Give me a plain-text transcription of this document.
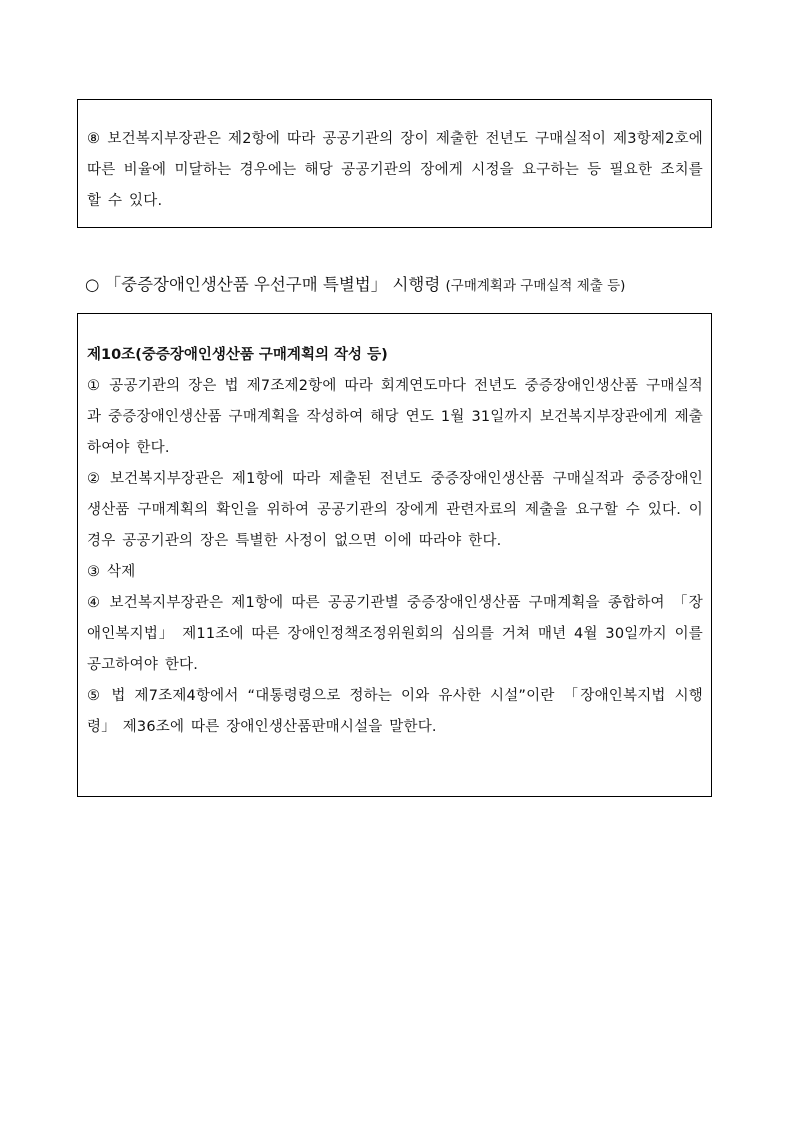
⑧ 보건복지부장관은 제2항에 따라 공공기관의 장이 제출한 전년도 구매실적이 제3항제2호에 따른 비율에 미달하는 경우에는 해당 공공기관의 장에게 시정을 요구하는 등 필요한 조치를 할 수 있다.

○ 「중증장애인생산품 우선구매 특별법」 시행령 (구매계획과 구매실적 제출 등)

제10조(중증장애인생산품 구매계획의 작성 등)

① 공공기관의 장은 법 제7조제2항에 따라 회계연도마다 전년도 중증장애인생산품 구매실적과 중증장애인생산품 구매계획을 작성하여 해당 연도 1월 31일까지 보건복지부장관에게 제출하여야 한다.

② 보건복지부장관은 제1항에 따라 제출된 전년도 중증장애인생산품 구매실적과 중증장애인생산품 구매계획의 확인을 위하여 공공기관의 장에게 관련자료의 제출을 요구할 수 있다. 이 경우 공공기관의 장은 특별한 사정이 없으면 이에 따라야 한다.

③ 삭제

④ 보건복지부장관은 제1항에 따른 공공기관별 중증장애인생산품 구매계획을 종합하여 「장애인복지법」 제11조에 따른 장애인정책조정위원회의 심의를 거쳐 매년 4월 30일까지 이를 공고하여야 한다.

⑤ 법 제7조제4항에서 “대통령령으로 정하는 이와 유사한 시설”이란 「장애인복지법 시행령」 제36조에 따른 장애인생산품판매시설을 말한다.
